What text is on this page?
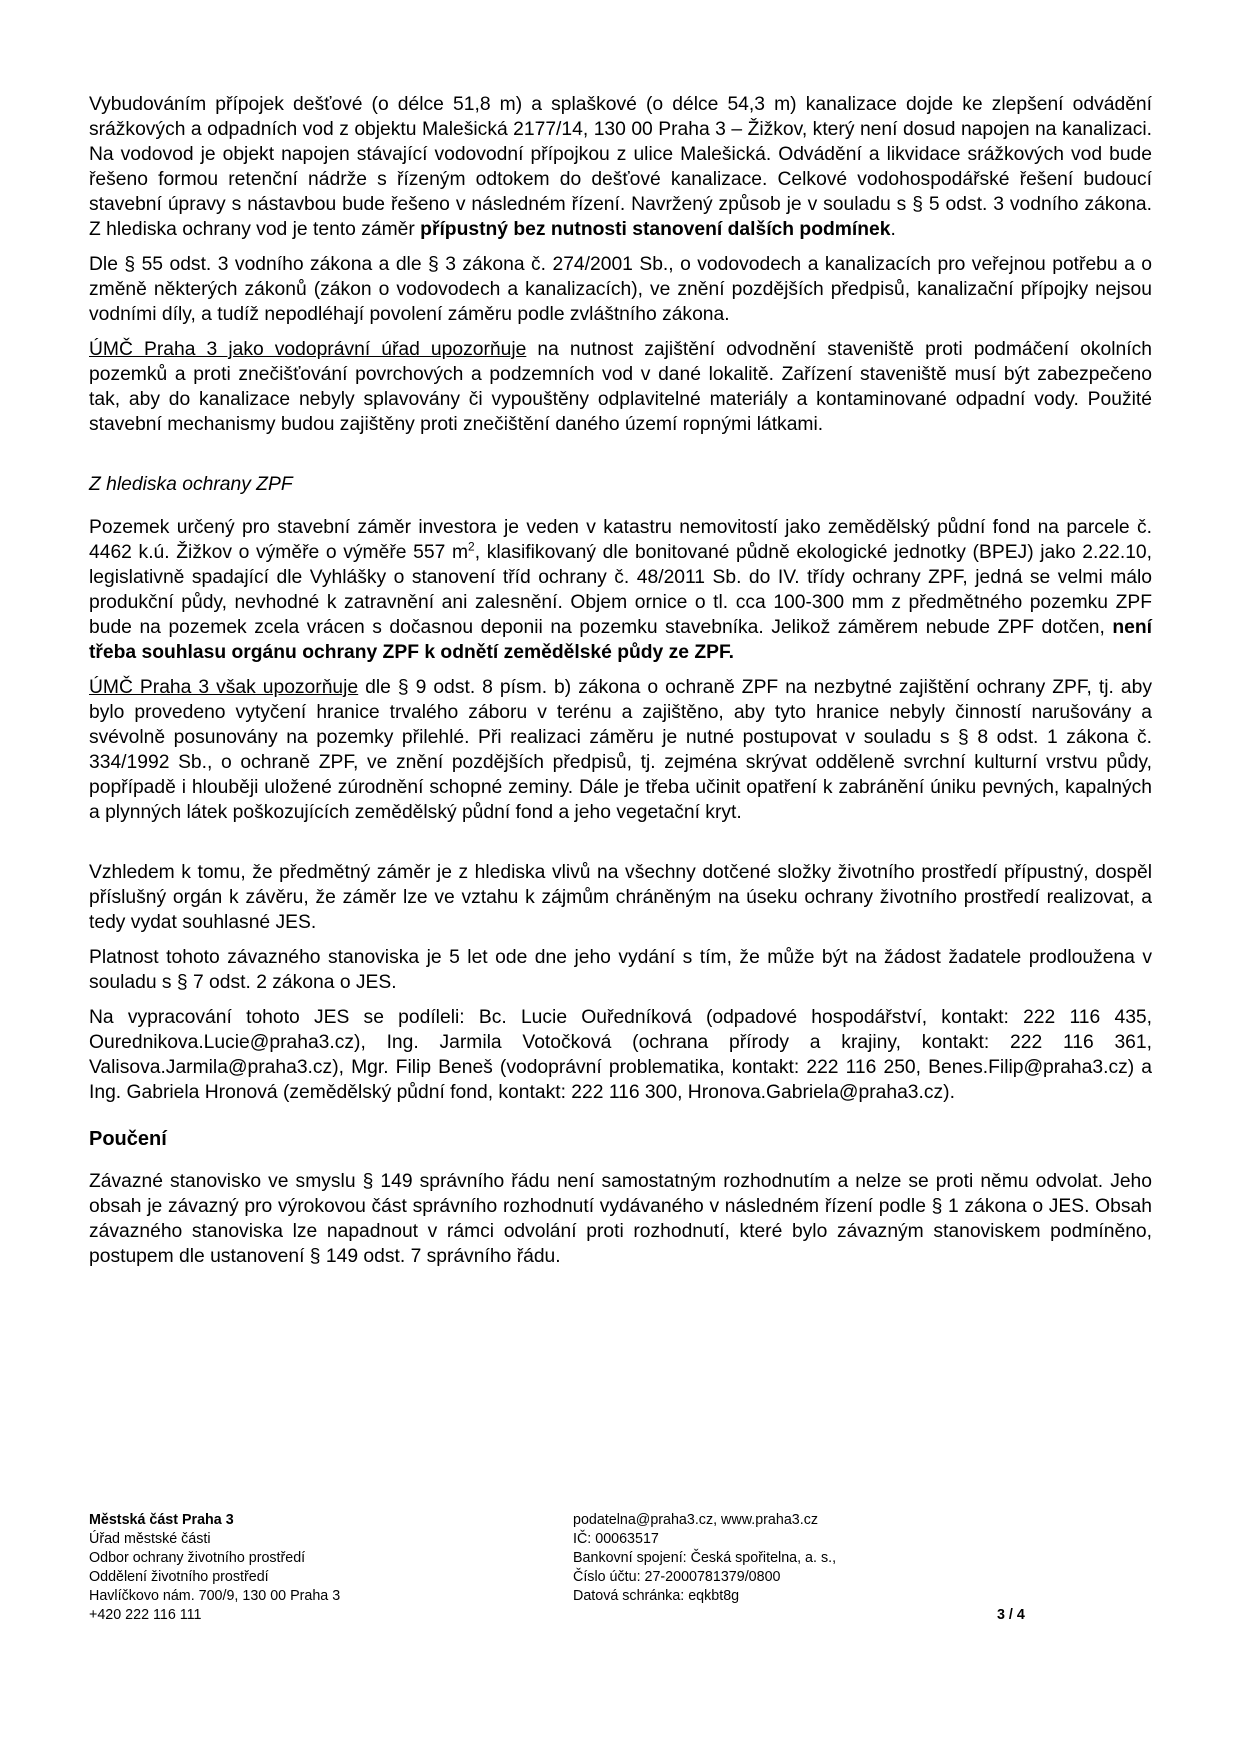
Vybudováním přípojek dešťové (o délce 51,8 m) a splaškové (o délce 54,3 m) kanalizace dojde ke zlepšení odvádění srážkových a odpadních vod z objektu Malešická 2177/14, 130 00 Praha 3 – Žižkov, který není dosud napojen na kanalizaci. Na vodovod je objekt napojen stávající vodovodní přípojkou z ulice Malešická. Odvádění a likvidace srážkových vod bude řešeno formou retenční nádrže s řízeným odtokem do dešťové kanalizace. Celkové vodohospodářské řešení budoucí stavební úpravy s nástavbou bude řešeno v následném řízení. Navržený způsob je v souladu s § 5 odst. 3 vodního zákona. Z hlediska ochrany vod je tento záměr přípustný bez nutnosti stanovení dalších podmínek.
Dle § 55 odst. 3 vodního zákona a dle § 3 zákona č. 274/2001 Sb., o vodovodech a kanalizacích pro veřejnou potřebu a o změně některých zákonů (zákon o vodovodech a kanalizacích), ve znění pozdějších předpisů, kanalizační přípojky nejsou vodními díly, a tudíž nepodléhají povolení záměru podle zvláštního zákona.
ÚMČ Praha 3 jako vodoprávní úřad upozorňuje na nutnost zajištění odvodnění staveniště proti podmáčení okolních pozemků a proti znečišťování povrchových a podzemních vod v dané lokalitě. Zařízení staveniště musí být zabezpečeno tak, aby do kanalizace nebyly splavovány či vypouštěny odplavitelné materiály a kontaminované odpadní vody. Použité stavební mechanismy budou zajištěny proti znečištění daného území ropnými látkami.
Z hlediska ochrany ZPF
Pozemek určený pro stavební záměr investora je veden v katastru nemovitostí jako zemědělský půdní fond na parcele č. 4462 k.ú. Žižkov o výměře o výměře 557 $m^2$, klasifikovaný dle bonitované půdně ekologické jednotky (BPEJ) jako 2.22.10, legislativně spadající dle Vyhlášky o stanovení tříd ochrany č. 48/2011 Sb. do IV. třídy ochrany ZPF, jedná se velmi málo produkční půdy, nevhodné k zatravnění ani zalesnění. Objem ornice o tl. cca 100-300 mm z předmětného pozemku ZPF bude na pozemek zcela vrácen s dočasnou deponii na pozemku stavebníka. Jelikož záměrem nebude ZPF dotčen, není třeba souhlasu orgánu ochrany ZPF k odnětí zemědělské půdy ze ZPF.
ÚMČ Praha 3 však upozorňuje dle § 9 odst. 8 písm. b) zákona o ochraně ZPF na nezbytné zajištění ochrany ZPF, tj. aby bylo provedeno vytyčení hranice trvalého záboru v terénu a zajištěno, aby tyto hranice nebyly činností narušovány a svévolně posunovány na pozemky přilehlé. Při realizaci záměru je nutné postupovat v souladu s § 8 odst. 1 zákona č. 334/1992 Sb., o ochraně ZPF, ve znění pozdějších předpisů, tj. zejména skrývat odděleně svrchní kulturní vrstvu půdy, popřípadě i hlouběji uložené zúrodnění schopné zeminy. Dále je třeba učinit opatření k zabránění úniku pevných, kapalných a plynných látek poškozujících zemědělský půdní fond a jeho vegetační kryt.
Vzhledem k tomu, že předmětný záměr je z hlediska vlivů na všechny dotčené složky životního prostředí přípustný, dospěl příslušný orgán k závěru, že záměr lze ve vztahu k zájmům chráněným na úseku ochrany životního prostředí realizovat, a tedy vydat souhlasné JES.
Platnost tohoto závazného stanoviska je 5 let ode dne jeho vydání s tím, že může být na žádost žadatele prodloužena v souladu s § 7 odst. 2 zákona o JES.
Na vypracování tohoto JES se podíleli: Bc. Lucie Ouředníková (odpadové hospodářství, kontakt: 222 116 435, Ourednikova.Lucie@praha3.cz), Ing. Jarmila Votočková (ochrana přírody a krajiny, kontakt: 222 116 361, Valisova.Jarmila@praha3.cz), Mgr. Filip Beneš (vodoprávní problematika, kontakt: 222 116 250, Benes.Filip@praha3.cz) a Ing. Gabriela Hronová (zemědělský půdní fond, kontakt: 222 116 300, Hronova.Gabriela@praha3.cz).
Poučení
Závazné stanovisko ve smyslu § 149 správního řádu není samostatným rozhodnutím a nelze se proti němu odvolat. Jeho obsah je závazný pro výrokovou část správního rozhodnutí vydávaného v následném řízení podle § 1 zákona o JES. Obsah závazného stanoviska lze napadnout v rámci odvolání proti rozhodnutí, které bylo závazným stanoviskem podmíněno, postupem dle ustanovení § 149 odst. 7 správního řádu.
Městská část Praha 3
Úřad městské části
Odbor ochrany životního prostředí
Oddělení životního prostředí
Havlíčkovo nám. 700/9, 130 00 Praha 3
+420 222 116 111
podatelna@praha3.cz, www.praha3.cz
IČ: 00063517
Bankovní spojení: Česká spořitelna, a. s.,
Číslo účtu: 27-2000781379/0800
Datová schránka: eqkbt8g
3 / 4
